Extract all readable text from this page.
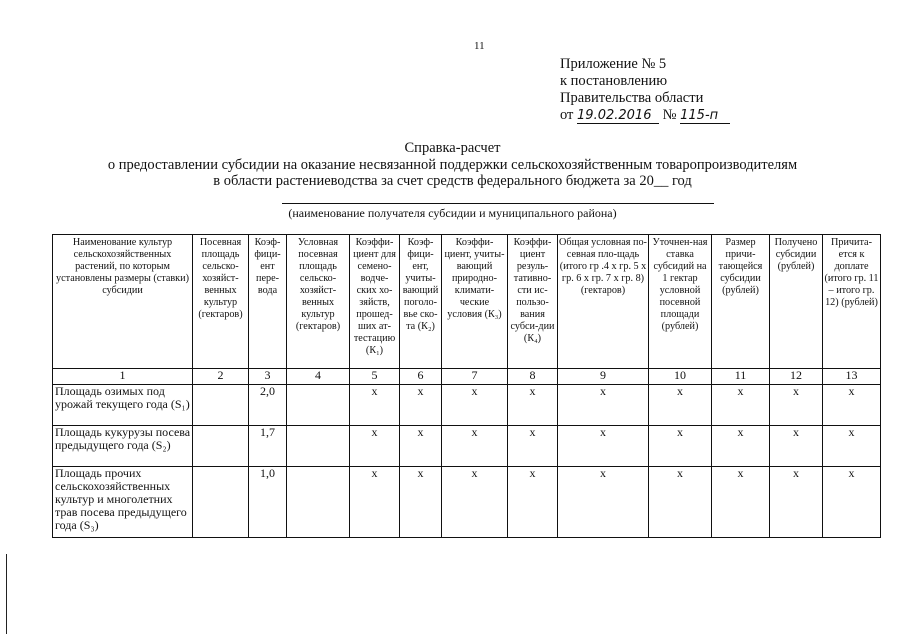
11
Приложение № 5
к постановлению
Правительства области
от 19.02.2016 № 115-п
Справка-расчет
о предоставлении субсидии на оказание несвязанной поддержки сельскохозяйственным товаропроизводителям
в области растениеводства за счет средств федерального бюджета за 20__ год
(наименование получателя субсидии и муниципального района)
Наименование культур сельскохозяйственных растений, по которым установлены размеры (ставки) субсидии	Посевная площадь сельско-хозяйст-венных культур (гектаров)	Коэф-фици-ент пере-вода	Условная посевная площадь сельско-хозяйст-венных культур (гектаров)	Коэффи-циент для семено-водче-ских хо-зяйств, прошед-ших ат-тестацию (К₁)	Коэф-фици-ент, учиты-вающий поголо-вье ско-та (К₂)	Коэффи-циент, учиты-вающий природно-климати-ческие условия (К₃)	Коэффи-циент резуль-тативно-сти ис-пользо-вания субси-дии (К₄)	Общая условная по-севная пло-щадь (итого гр .4 х гр. 5 х гр. 6 х гр. 7 х гр. 8) (гектаров)	Уточнен-ная ставка субсидий на 1 гектар условной посевной площади (рублей)	Размер причи-тающейся субсидии (рублей)	Получено субсидии (рублей)	Причита-ется к доплате (итого гр. 11 – итого гр. 12) (рублей)
1	2	3	4	5	6	7	8	9	10	11	12	13
Площадь озимых под урожай текущего года (S₁)		2,0		х	х	х	х	х	х	х	х	х
Площадь кукурузы посева предыдущего года (S₂)		1,7		х	х	х	х	х	х	х	х	х
Площадь прочих сельскохозяйственных культур и многолетних трав посева предыдущего года (S₃)		1,0		х	х	х	х	х	х	х	х	х
